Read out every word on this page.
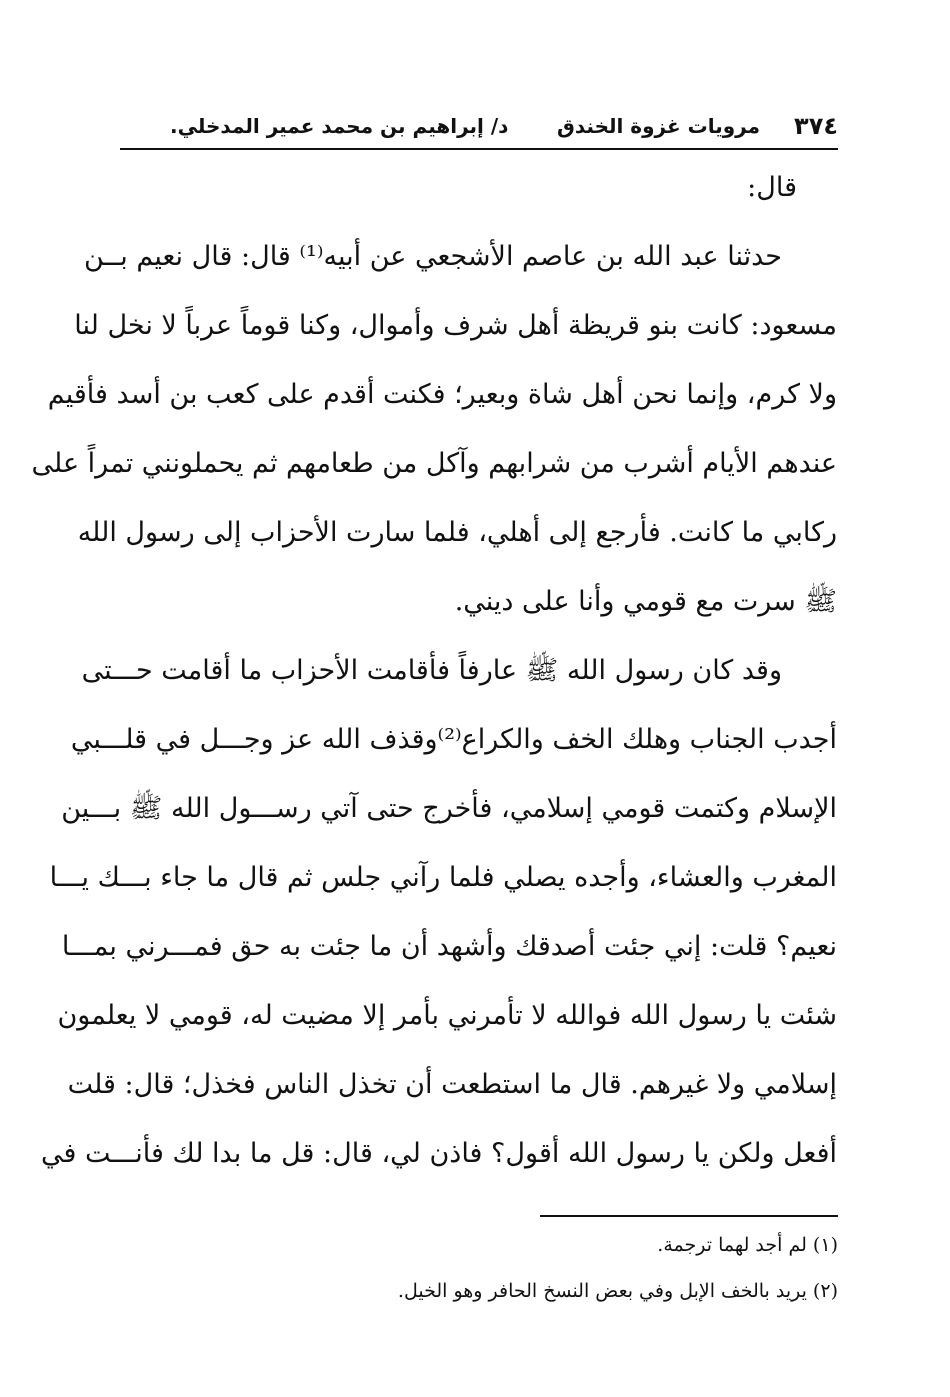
٣٧٤
مرويات غزوة الخندق
د/ إبراهيم بن محمد عمير المدخلي.
قال:
حدثنا عبد الله بن عاصم الأشجعي عن أبيه⁽¹⁾ قال: قال نعيم بــن
مسعود: كانت بنو قريظة أهل شرف وأموال، وكنا قوماً عرباً لا نخل لنا
ولا كرم، وإنما نحن أهل شاة وبعير؛ فكنت أقدم على كعب بن أسد فأقيم
عندهم الأيام أشرب من شرابهم وآكل من طعامهم ثم يحملونني تمراً على
ركابي ما كانت. فأرجع إلى أهلي، فلما سارت الأحزاب إلى رسول الله
ﷺ سرت مع قومي وأنا على ديني.
وقد كان رسول الله ﷺ عارفاً فأقامت الأحزاب ما أقامت حـــتى
أجدب الجناب وهلك الخف والكراع⁽²⁾وقذف الله عز وجـــل في قلـــبي
الإسلام وكتمت قومي إسلامي، فأخرج حتى آتي رســـول الله ﷺ بـــين
المغرب والعشاء، وأجده يصلي فلما رآني جلس ثم قال ما جاء بـــك يـــا
نعيم؟ قلت: إني جئت أصدقك وأشهد أن ما جئت به حق فمـــرني بمـــا
شئت يا رسول الله فوالله لا تأمرني بأمر إلا مضيت له، قومي لا يعلمون
إسلامي ولا غيرهم. قال ما استطعت أن تخذل الناس فخذل؛ قال: قلت
أفعل ولكن يا رسول الله أقول؟ فاذن لي، قال: قل ما بدا لك فأنـــت في
(١) لم أجد لهما ترجمة.
(٢) يريد بالخف الإبل وفي بعض النسخ الحافر وهو الخيل.
